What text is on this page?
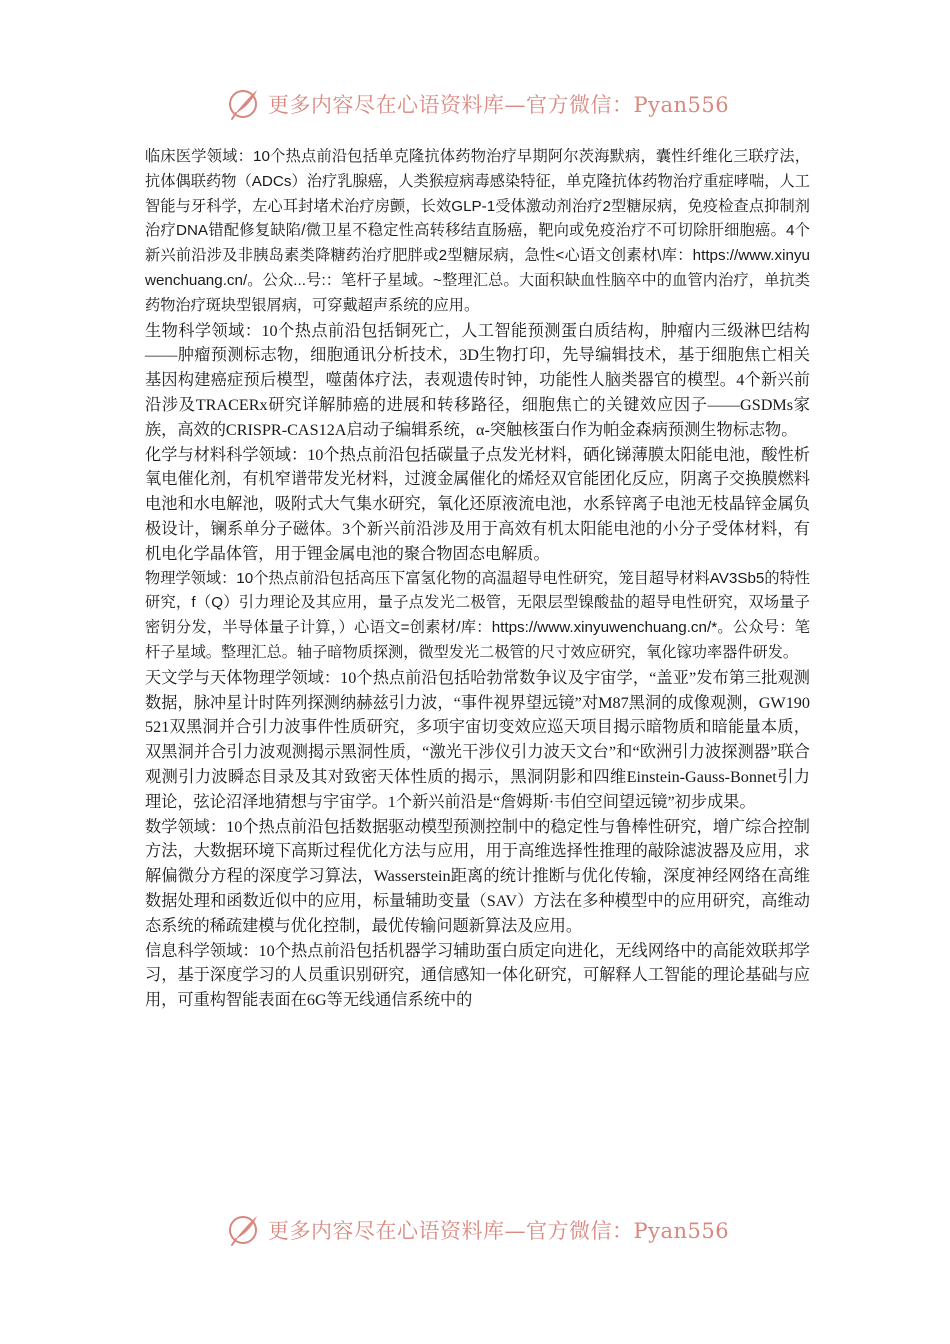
更多内容尽在心语资料库—官方微信：Pyan556

临床医学领域：10个热点前沿包括单克隆抗体药物治疗早期阿尔茨海默病，囊性纤维化三联疗法，抗体偶联药物（ADCs）治疗乳腺癌，人类猴痘病毒感染特征，单克隆抗体药物治疗重症哮喘，人工智能与牙科学，左心耳封堵术治疗房颤，长效GLP-1受体激动剂治疗2型糖尿病，免疫检查点抑制剂治疗DNA错配修复缺陷/微卫星不稳定性高转移结直肠癌，靶向或免疫治疗不可切除肝细胞癌。4个新兴前沿涉及非胰岛素类降糖药治疗肥胖或2型糖尿病，急性<心语文创素材\库：https://www.xinyuwenchuang.cn/。公众...号:：笔杆子星域。~整理汇总。大面积缺血性脑卒中的血管内治疗，单抗类药物治疗斑块型银屑病，可穿戴超声系统的应用。

生物科学领域：10个热点前沿包括铜死亡，人工智能预测蛋白质结构，肿瘤内三级淋巴结构——肿瘤预测标志物，细胞通讯分析技术，3D生物打印，先导编辑技术，基于细胞焦亡相关基因构建癌症预后模型，噬菌体疗法，表观遗传时钟，功能性人脑类器官的模型。4个新兴前沿涉及TRACERx研究详解肺癌的进展和转移路径，细胞焦亡的关键效应因子——GSDMs家族，高效的CRISPR-CAS12A启动子编辑系统，α-突触核蛋白作为帕金森病预测生物标志物。

化学与材料科学领域：10个热点前沿包括碳量子点发光材料，硒化锑薄膜太阳能电池，酸性析氧电催化剂，有机窄谱带发光材料，过渡金属催化的烯烃双官能团化反应，阴离子交换膜燃料电池和水电解池，吸附式大气集水研究，氧化还原液流电池，水系锌离子电池无枝晶锌金属负极设计，镧系单分子磁体。3个新兴前沿涉及用于高效有机太阳能电池的小分子受体材料，有机电化学晶体管，用于锂金属电池的聚合物固态电解质。

物理学领域：10个热点前沿包括高压下富氢化物的高温超导电性研究，笼目超导材料AV3Sb5的特性研究，f（Q）引力理论及其应用，量子点发光二极管，无限层型镍酸盐的超导电性研究，双场量子密钥分发，半导体量子计算，）心语文=创素材/库：https://www.xinyuwenchuang.cn/*。公众号：笔杆子星域。整理汇总。轴子暗物质探测，微型发光二极管的尺寸效应研究，氧化镓功率器件研发。

天文学与天体物理学领域：10个热点前沿包括哈勃常数争议及宇宙学，“盖亚”发布第三批观测数据，脉冲星计时阵列探测纳赫兹引力波，“事件视界望远镜”对M87黑洞的成像观测，GW190521双黑洞并合引力波事件性质研究，多项宇宙切变效应巡天项目揭示暗物质和暗能量本质，双黑洞并合引力波观测揭示黑洞性质，“激光干涉仪引力波天文台”和“欧洲引力波探测器”联合观测引力波瞬态目录及其对致密天体性质的揭示，黑洞阴影和四维Einstein-Gauss-Bonnet引力理论，弦论沼泽地猜想与宇宙学。1个新兴前沿是“詹姆斯·韦伯空间望远镜”初步成果。

数学领域：10个热点前沿包括数据驱动模型预测控制中的稳定性与鲁棒性研究，增广综合控制方法，大数据环境下高斯过程优化方法与应用，用于高维选择性推理的敲除滤波器及应用，求解偏微分方程的深度学习算法，Wasserstein距离的统计推断与优化传输，深度神经网络在高维数据处理和函数近似中的应用，标量辅助变量（SAV）方法在多种模型中的应用研究，高维动态系统的稀疏建模与优化控制，最优传输问题新算法及应用。

信息科学领域：10个热点前沿包括机器学习辅助蛋白质定向进化，无线网络中的高能效联邦学习，基于深度学习的人员重识别研究，通信感知一体化研究，可解释人工智能的理论基础与应用，可重构智能表面在6G等无线通信系统中的

更多内容尽在心语资料库—官方微信：Pyan556
